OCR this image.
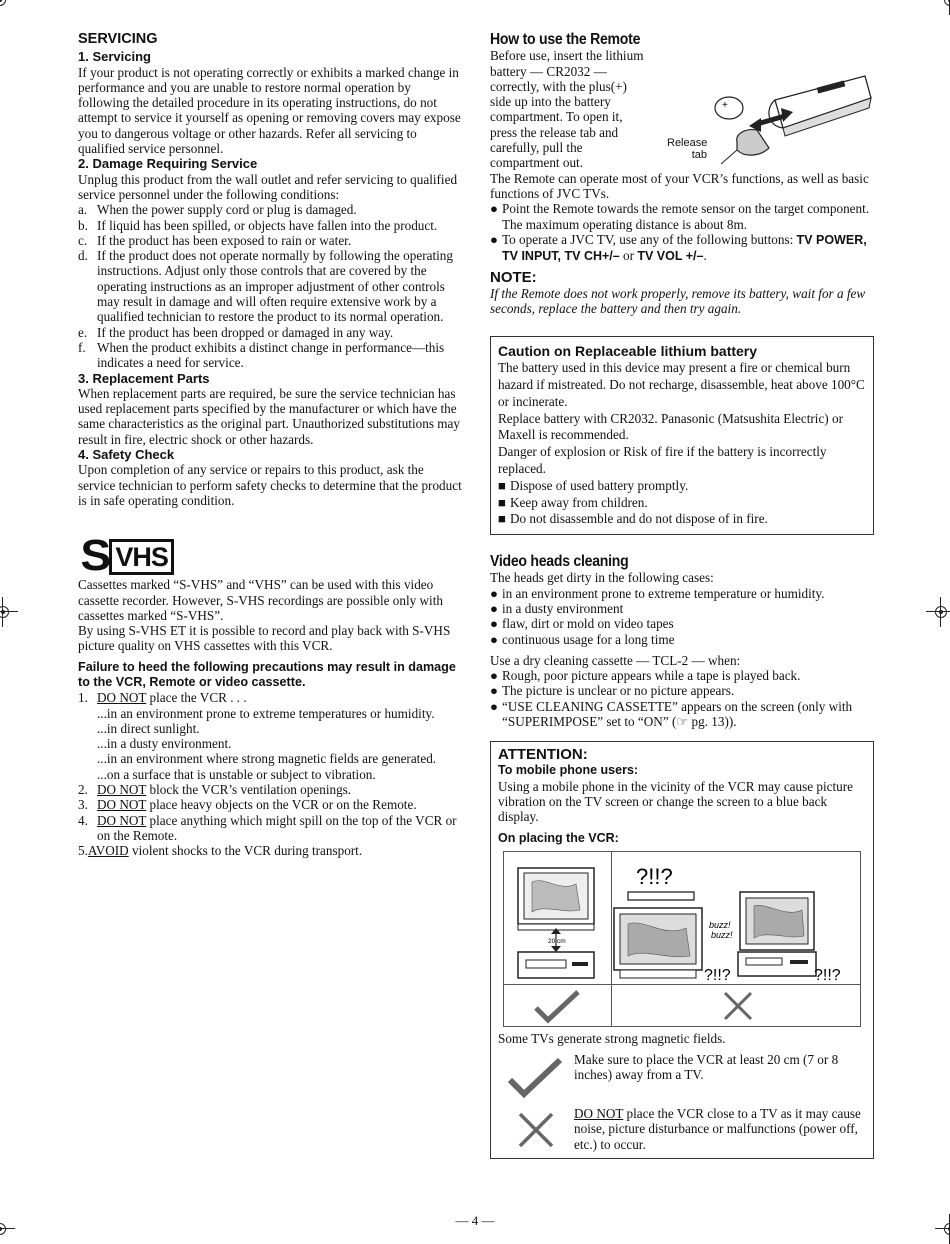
SERVICING
1. Servicing

If your product is not operating correctly or exhibits a marked change in performance and you are unable to restore normal operation by following the detailed procedure in its operating instructions, do not attempt to service it yourself as opening or removing covers may expose you to dangerous voltage or other hazards. Refer all servicing to qualified service personnel.

2. Damage Requiring Service

Unplug this product from the wall outlet and refer servicing to qualified service personnel under the following conditions:

a. When the power supply cord or plug is damaged.
b. If liquid has been spilled, or objects have fallen into the product.
c. If the product has been exposed to rain or water.
d. If the product does not operate normally by following the operating instructions. Adjust only those controls that are covered by the operating instructions as an improper adjustment of other controls may result in damage and will often require extensive work by a qualified technician to restore the product to its normal operation.
e. If the product has been dropped or damaged in any way.
f. When the product exhibits a distinct change in performance—this indicates a need for service.
3. Replacement Parts

When replacement parts are required, be sure the service technician has used replacement parts specified by the manufacturer or which have the same characteristics as the original part. Unauthorized substitutions may result in fire, electric shock or other hazards.

4. Safety Check

Upon completion of any service or repairs to this product, ask the service technician to perform safety checks to determine that the product is in safe operating condition.

S VHS

Cassettes marked “S-VHS” and “VHS” can be used with this video cassette recorder. However, S-VHS recordings are possible only with cassettes marked “S-VHS”.

By using S-VHS ET it is possible to record and play back with S-VHS picture quality on VHS cassettes with this VCR.

Failure to heed the following precautions may result in damage to the VCR, Remote or video cassette.

1. DO NOT place the VCR . . .
...in an environment prone to extreme temperatures or humidity.
...in direct sunlight.
...in a dusty environment.
...in an environment where strong magnetic fields are generated.
...on a surface that is unstable or subject to vibration.
2. DO NOT block the VCR’s ventilation openings.
3. DO NOT place heavy objects on the VCR or on the Remote.
4. DO NOT place anything which might spill on the top of the VCR or on the Remote.
5.AVOID violent shocks to the VCR during transport.
How to use the Remote

Before use, insert the lithium battery — CR2032 — correctly, with the plus(+) side up into the battery compartment. To open it, press the release tab and carefully, pull the compartment out.

+
Release
tab

The Remote can operate most of your VCR’s functions, as well as basic functions of JVC TVs.

● Point the Remote towards the remote sensor on the target component. The maximum operating distance is about 8m.
● To operate a JVC TV, use any of the following buttons: TV POWER, TV INPUT, TV CH+/– or TV VOL +/–.
NOTE:

If the Remote does not work properly, remove its battery, wait for a few seconds, replace the battery and then try again.

Caution on Replaceable lithium battery

The battery used in this device may present a fire or chemical burn hazard if mistreated. Do not recharge, disassemble, heat above 100°C or incinerate.

Replace battery with CR2032. Panasonic (Matsushita Electric) or Maxell is recommended.

Danger of explosion or Risk of fire if the battery is incorrectly replaced.

■ Dispose of used battery promptly.
■ Keep away from children.
■ Do not disassemble and do not dispose of in fire.
Video heads cleaning

The heads get dirty in the following cases:

● in an environment prone to extreme temperature or humidity.
● in a dusty environment
● flaw, dirt or mold on video tapes
● continuous usage for a long time

Use a dry cleaning cassette — TCL-2 — when:

● Rough, poor picture appears while a tape is played back.
● The picture is unclear or no picture appears.
● “USE CLEANING CASSETTE” appears on the screen (only with “SUPERIMPOSE” set to “ON” (☞ pg. 13)).
ATTENTION:
To mobile phone users:

Using a mobile phone in the vicinity of the VCR may cause picture vibration on the TV screen or change the screen to a blue back display.

On placing the VCR:
20 cm
?!!?
?!!?
buzz!
buzz!
?!!?

Some TVs generate strong magnetic fields.

Make sure to place the VCR at least 20 cm (7 or 8 inches) away from a TV.

DO NOT place the VCR close to a TV as it may cause noise, picture disturbance or malfunctions (power off, etc.) to occur.

— 4 —
